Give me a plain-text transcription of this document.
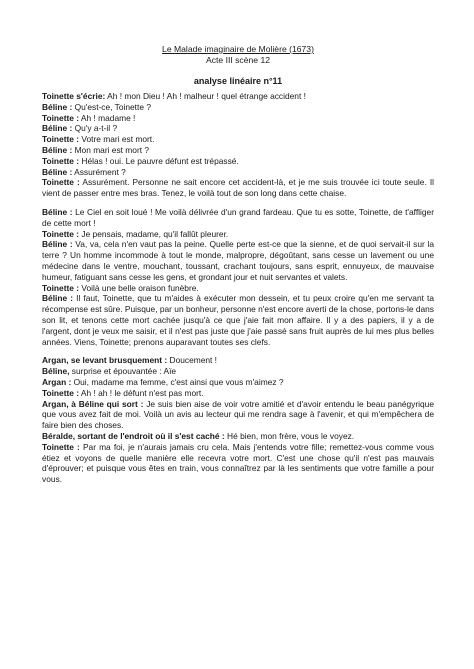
Le Malade imaginaire de Molière (1673)
Acte III scène 12
analyse linéaire n°11
Toinette s'écrie: Ah ! mon Dieu ! Ah ! malheur ! quel étrange accident !
Béline : Qu'est-ce, Toinette ?
Toinette : Ah ! madame !
Béline : Qu'y a-t-il ?
Toinette : Votre mari est mort.
Béline : Mon mari est mort ?
Toinette : Hélas ! oui. Le pauvre défunt est trépassé.
Béline : Assurément ?
Toinette : Assurément. Personne ne sait encore cet accident-là, et je me suis trouvée ici toute seule. Il vient de passer entre mes bras. Tenez, le voilà tout de son long dans cette chaise.
Béline : Le Ciel en soit loué ! Me voilà délivrée d'un grand fardeau. Que tu es sotte, Toinette, de t'affliger de cette mort !
Toinette : Je pensais, madame, qu'il fallût pleurer.
Béline : Va, va, cela n'en vaut pas la peine. Quelle perte est-ce que la sienne, et de quoi servait-il sur la terre ? Un homme incommode à tout le monde, malpropre, dégoûtant, sans cesse un lavement ou une médecine dans le ventre, mouchant, toussant, crachant toujours, sans esprit, ennuyeux, de mauvaise humeur, fatiguant sans cesse les gens, et grondant jour et nuit servantes et valets.
Toinette : Voilà une belle oraison funèbre.
Béline : Il faut, Toinette, que tu m'aides à exécuter mon dessein, et tu peux croire qu'en me servant ta récompense est sûre. Puisque, par un bonheur, personne n'est encore averti de la chose, portons-le dans son lit, et tenons cette mort cachée jusqu'à ce que j'aie fait mon affaire. Il y a des papiers, il y a de l'argent, dont je veux me saisir, et il n'est pas juste que j'aie passé sans fruit auprès de lui mes plus belles années. Viens, Toinette; prenons auparavant toutes ses clefs.
Argan, se levant brusquement : Doucement !
Béline, surprise et épouvantée : Aïe
Argan : Oui, madame ma femme, c'est ainsi que vous m'aimez ?
Toinette : Ah ! ah ! le défunt n'est pas mort.
Argan, à Béline qui sort : Je suis bien aise de voir votre amitié et d'avoir entendu le beau panégyrique que vous avez fait de moi. Voilà un avis au lecteur qui me rendra sage à l'avenir, et qui m'empêchera de faire bien des choses.
Béralde, sortant de l'endroit où il s'est caché : Hé bien, mon frère, vous le voyez.
Toinette : Par ma foi, je n'aurais jamais cru cela. Mais j'entends votre fille; remettez-vous comme vous étiez et voyons de quelle manière elle recevra votre mort. C'est une chose qu'il n'est pas mauvais d'éprouver; et puisque vous êtes en train, vous connaîtrez par là les sentiments que votre famille a pour vous.
